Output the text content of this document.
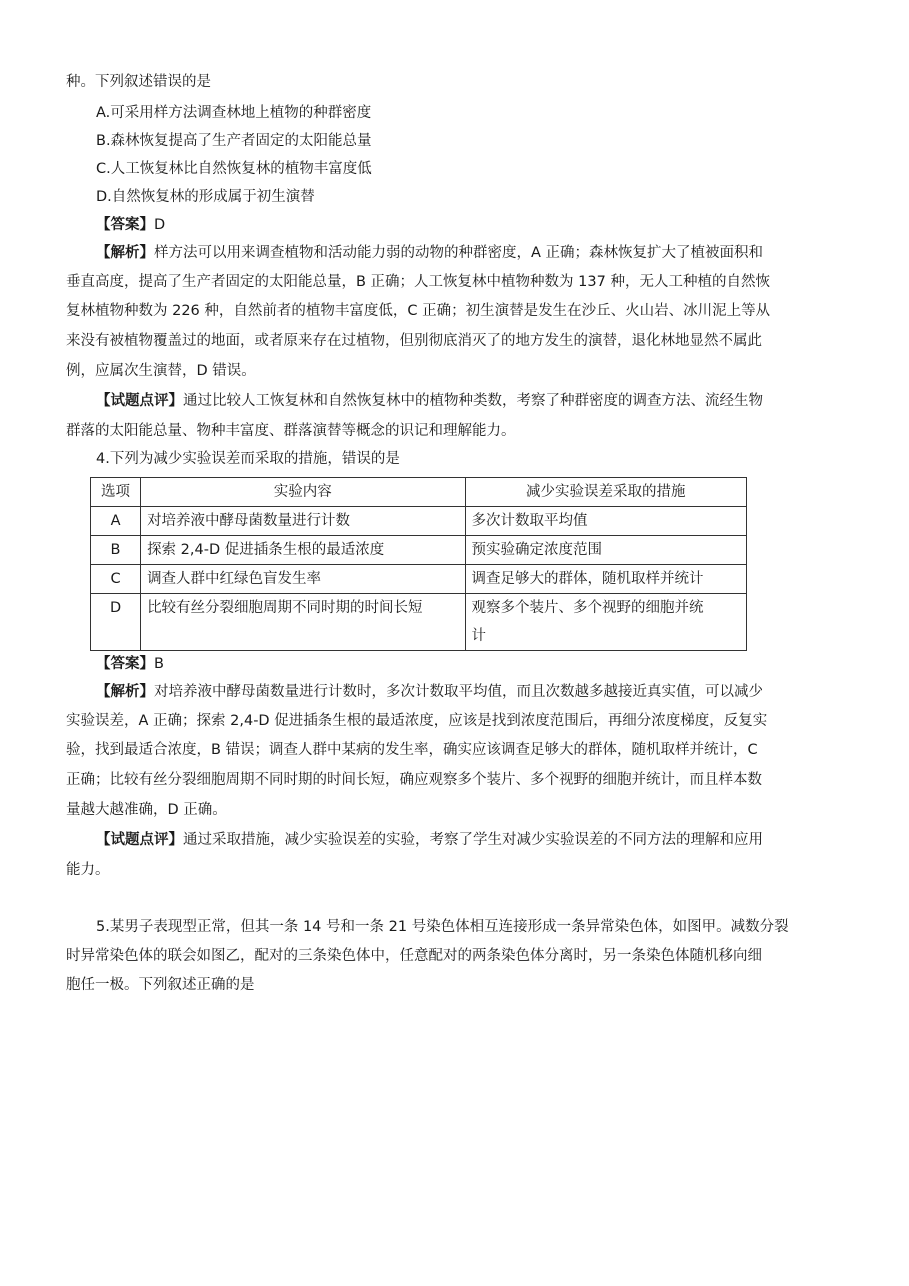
种。下列叙述错误的是
A.可采用样方法调查林地上植物的种群密度
B.森林恢复提高了生产者固定的太阳能总量
C.人工恢复林比自然恢复林的植物丰富度低
D.自然恢复林的形成属于初生演替
【答案】D
【解析】样方法可以用来调查植物和活动能力弱的动物的种群密度，A 正确；森林恢复扩大了植被面积和
垂直高度，提高了生产者固定的太阳能总量，B 正确；人工恢复林中植物种数为 137 种，无人工种植的自然恢
复林植物种数为 226 种，自然前者的植物丰富度低，C 正确；初生演替是发生在沙丘、火山岩、冰川泥上等从
来没有被植物覆盖过的地面，或者原来存在过植物，但别彻底消灭了的地方发生的演替，退化林地显然不属此
例，应属次生演替，D 错误。
【试题点评】通过比较人工恢复林和自然恢复林中的植物种类数，考察了种群密度的调查方法、流经生物
群落的太阳能总量、物种丰富度、群落演替等概念的识记和理解能力。
4.下列为减少实验误差而采取的措施，错误的是
选项	实验内容	减少实验误差采取的措施
A	对培养液中酵母菌数量进行计数	多次计数取平均值
B	探索 2,4-D 促进插条生根的最适浓度	预实验确定浓度范围
C	调查人群中红绿色盲发生率	调查足够大的群体，随机取样并统计
D	比较有丝分裂细胞周期不同时期的时间长短	观察多个装片、多个视野的细胞并统
计
【答案】B
【解析】对培养液中酵母菌数量进行计数时，多次计数取平均值，而且次数越多越接近真实值，可以减少
实验误差，A 正确；探索 2,4-D 促进插条生根的最适浓度，应该是找到浓度范围后，再细分浓度梯度，反复实
验，找到最适合浓度，B 错误；调查人群中某病的发生率，确实应该调查足够大的群体，随机取样并统计，C
正确；比较有丝分裂细胞周期不同时期的时间长短，确应观察多个装片、多个视野的细胞并统计，而且样本数
量越大越准确，D 正确。
【试题点评】通过采取措施，减少实验误差的实验，考察了学生对减少实验误差的不同方法的理解和应用
能力。
5.某男子表现型正常，但其一条 14 号和一条 21 号染色体相互连接形成一条异常染色体，如图甲。减数分裂
时异常染色体的联会如图乙，配对的三条染色体中，任意配对的两条染色体分离时，另一条染色体随机移向细
胞任一极。下列叙述正确的是
